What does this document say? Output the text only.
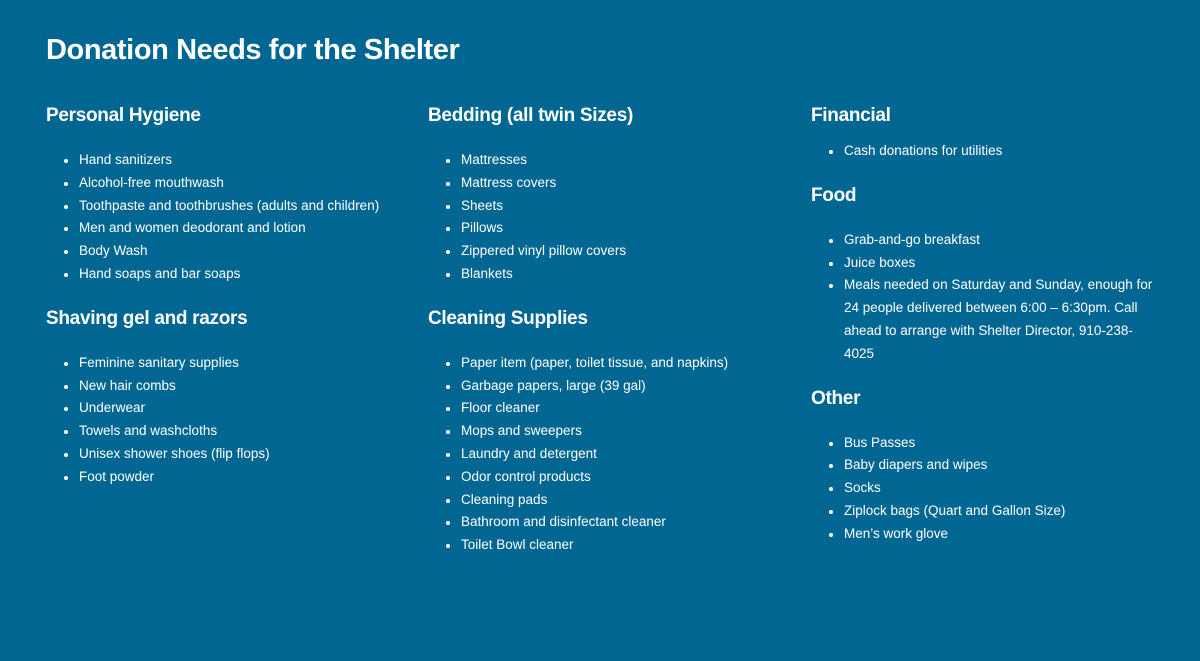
Donation Needs for the Shelter
Personal Hygiene
Hand sanitizers
Alcohol-free mouthwash
Toothpaste and toothbrushes (adults and children)
Men and women deodorant and lotion
Body Wash
Hand soaps and bar soaps
Shaving gel and razors
Feminine sanitary supplies
New hair combs
Underwear
Towels and washcloths
Unisex shower shoes (flip flops)
Foot powder
Bedding (all twin Sizes)
Mattresses
Mattress covers
Sheets
Pillows
Zippered vinyl pillow covers
Blankets
Cleaning Supplies
Paper item (paper, toilet tissue, and napkins)
Garbage papers, large (39 gal)
Floor cleaner
Mops and sweepers
Laundry and detergent
Odor control products
Cleaning pads
Bathroom and disinfectant cleaner
Toilet Bowl cleaner
Financial
Cash donations for utilities
Food
Grab-and-go breakfast
Juice boxes
Meals needed on Saturday and Sunday, enough for 24 people delivered between 6:00 – 6:30pm. Call ahead to arrange with Shelter Director, 910-238-4025
Other
Bus Passes
Baby diapers and wipes
Socks
Ziplock bags (Quart and Gallon Size)
Men’s work glove
